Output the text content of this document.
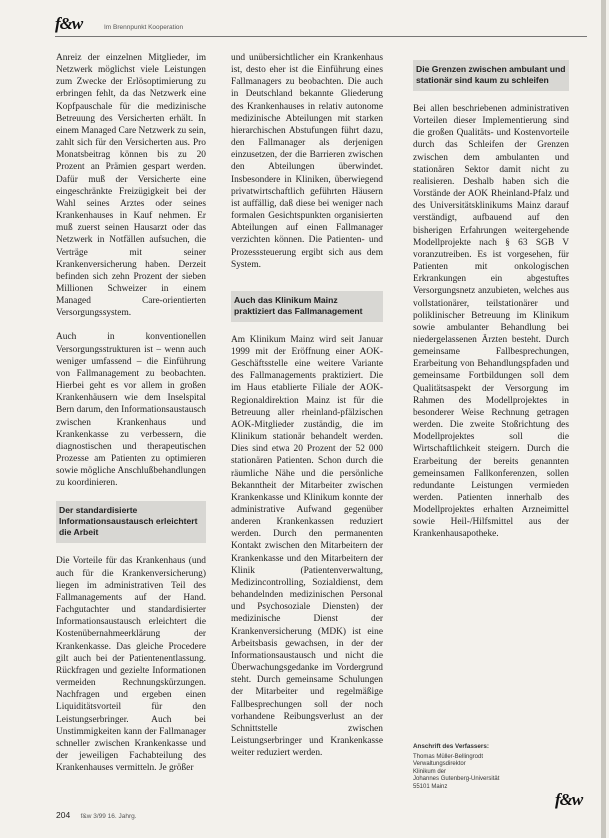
f&w	Im Brennpunkt Kooperation

Anreiz der einzelnen Mitglieder, im Netzwerk möglichst viele Leistungen zum Zwecke der Erlösoptimierung zu erbringen fehlt, da das Netzwerk eine Kopfpauschale für die medizinische Betreuung des Versicherten erhält. In einem Managed Care Netzwerk zu sein, zahlt sich für den Versicherten aus. Pro Monatsbeitrag können bis zu 20 Prozent an Prämien gespart werden. Dafür muß der Versicherte eine eingeschränkte Freizügigkeit bei der Wahl seines Arztes oder seines Krankenhauses in Kauf nehmen. Er muß zuerst seinen Hausarzt oder das Netzwerk in Notfällen aufsuchen, die Verträge mit seiner Krankenversicherung haben. Derzeit befinden sich zehn Prozent der sieben Millionen Schweizer in einem Managed Care-orientierten Versorgungssystem.

Auch in konventionellen Versorgungsstrukturen ist – wenn auch weniger umfassend – die Einführung von Fallmanagement zu beobachten. Hierbei geht es vor allem in großen Krankenhäusern wie dem Inselspital Bern darum, den Informationsaustausch zwischen Krankenhaus und Krankenkasse zu verbessern, die diagnostischen und therapeutischen Prozesse am Patienten zu optimieren sowie mögliche Anschlußbehandlungen zu koordinieren.

Der standardisierte Informationsaustausch erleichtert die Arbeit

Die Vorteile für das Krankenhaus (und auch für die Krankenversicherung) liegen im administrativen Teil des Fallmanagements auf der Hand. Fachgutachter und standardisierter Informationsaustausch erleichtert die Kostenübernahmeerklärung der Krankenkasse. Das gleiche Procedere gilt auch bei der Patientenentlassung. Rückfragen und gezielte Informationen vermeiden Rechnungskürzungen. Nachfragen und ergeben einen Liquiditätsvorteil für den Leistungserbringer. Auch bei Unstimmigkeiten kann der Fallmanager schneller zwischen Krankenkasse und der jeweiligen Fachabteilung des Krankenhauses vermitteln. Je größer

und unübersichtlicher ein Krankenhaus ist, desto eher ist die Einführung eines Fallmanagers zu beobachten. Die auch in Deutschland bekannte Gliederung des Krankenhauses in relativ autonome medizinische Abteilungen mit starken hierarchischen Abstufungen führt dazu, den Fallmanager als derjenigen einzusetzen, der die Barrieren zwischen den Abteilungen überwindet. Insbesondere in Kliniken, überwiegend privatwirtschaftlich geführten Häusern ist auffällig, daß diese bei weniger nach formalen Gesichtspunkten organisierten Abteilungen auf einen Fallmanager verzichten können. Die Patienten- und Prozesssteuerung ergibt sich aus dem System.

Auch das Klinikum Mainz praktiziert das Fallmanagement

Am Klinikum Mainz wird seit Januar 1999 mit der Eröffnung einer AOK-Geschäftsstelle eine weitere Variante des Fallmanagements praktiziert. Die im Haus etablierte Filiale der AOK-Regionaldirektion Mainz ist für die Betreuung aller rheinland-pfälzischen AOK-Mitglieder zuständig, die im Klinikum stationär behandelt werden. Dies sind etwa 20 Prozent der 52 000 stationären Patienten. Schon durch die räumliche Nähe und die persönliche Bekanntheit der Mitarbeiter zwischen Krankenkasse und Klinikum konnte der administrative Aufwand gegenüber anderen Krankenkassen reduziert werden. Durch den permanenten Kontakt zwischen den Mitarbeitern der Krankenkasse und den Mitarbeitern der Klinik (Patientenverwaltung, Medizincontrolling, Sozialdienst, dem behandelnden medizinischen Personal und Psychosoziale Diensten) der medizinische Dienst der Krankenversicherung (MDK) ist eine Arbeitsbasis gewachsen, in der der Informationsaustausch und nicht die Überwachungsgedanke im Vordergrund steht. Durch gemeinsame Schulungen der Mitarbeiter und regelmäßige Fallbesprechungen soll der noch vorhandene Reibungsverlust an der Schnittstelle zwischen Leistungserbringer und Krankenkasse weiter reduziert werden.

Die Grenzen zwischen ambulant und stationär sind kaum zu schleifen

Bei allen beschriebenen administrativen Vorteilen dieser Implementierung sind die großen Qualitäts- und Kostenvorteile durch das Schleifen der Grenzen zwischen dem ambulanten und stationären Sektor damit nicht zu realisieren. Deshalb haben sich die Vorstände der AOK Rheinland-Pfalz und des Universitätsklinikums Mainz darauf verständigt, aufbauend auf den bisherigen Erfahrungen weitergehende Modellprojekte nach § 63 SGB V voranzutreiben. Es ist vorgesehen, für Patienten mit onkologischen Erkrankungen ein abgestuftes Versorgungsnetz anzubieten, welches aus vollstationärer, teilstationärer und poliklinischer Betreuung im Klinikum sowie ambulanter Behandlung bei niedergelassenen Ärzten besteht. Durch gemeinsame Fallbesprechungen, Erarbeitung von Behandlungspfaden und gemeinsame Fortbildungen soll dem Qualitätsaspekt der Versorgung im Rahmen des Modellprojektes in besonderer Weise Rechnung getragen werden. Die zweite Stoßrichtung des Modellprojektes soll die Wirtschaftlichkeit steigern. Durch die Erarbeitung der bereits genannten gemeinsamen Fallkonferenzen, sollen redundante Leistungen vermieden werden. Patienten innerhalb des Modellprojektes erhalten Arzneimittel sowie Heil-/Hilfsmittel aus der Krankenhausapotheke.

Anschrift des Verfassers:
Thomas Müller-Bellingrodt
Verwaltungsdirektor
Klinikum der
Johannes Gutenberg-Universität
55101 Mainz
204 f&w 3/99 16. Jahrg.
f&w
